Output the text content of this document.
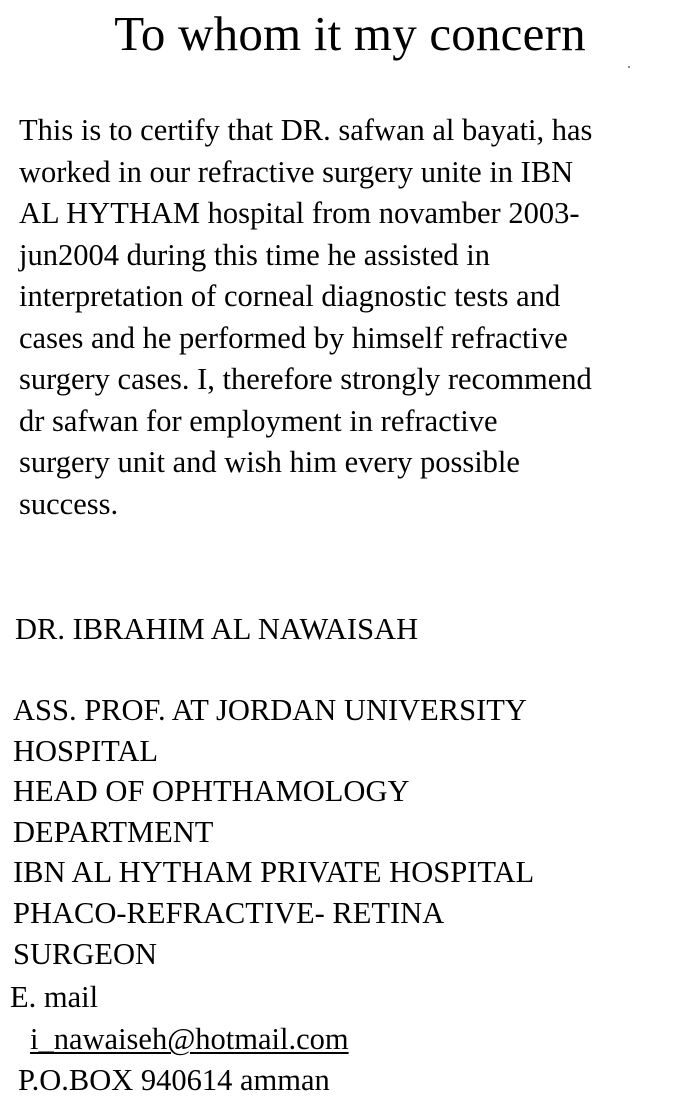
To whom it my concern

This is to certify that DR. safwan al bayati, has
worked in our refractive surgery unite in IBN
AL HYTHAM hospital from novamber 2003-
jun2004 during this time he assisted in
interpretation of corneal diagnostic tests and
cases and he performed by himself refractive
surgery cases. I, therefore strongly recommend
dr safwan for employment in refractive
surgery unit and wish him every possible
success.

DR. IBRAHIM AL NAWAISAH

ASS. PROF. AT JORDAN UNIVERSITY
HOSPITAL
HEAD OF OPHTHAMOLOGY
DEPARTMENT
IBN AL HYTHAM PRIVATE HOSPITAL
PHACO-REFRACTIVE- RETINA
SURGEON

E. mail

i_nawaiseh@hotmail.com

P.O.BOX 940614 amman
